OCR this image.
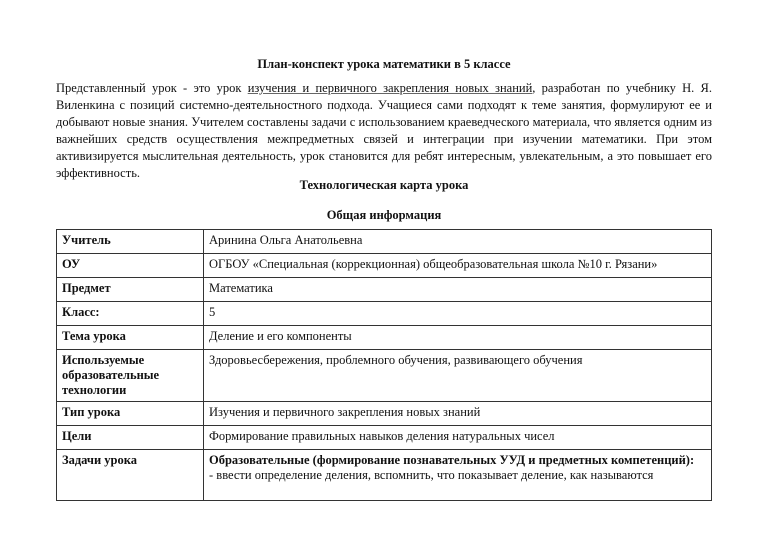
План-конспект урока математики в 5 классе
Представленный урок - это урок изучения и первичного закрепления новых знаний, разработан по учебнику Н. Я. Виленкина с позиций системно-деятельностного подхода. Учащиеся сами подходят к теме занятия, формулируют ее и добывают новые знания. Учителем составлены задачи с использованием краеведческого материала, что является одним из важнейших средств осуществления межпредметных связей и интеграции при изучении математики. При этом активизируется мыслительная деятельность, урок становится для ребят интересным, увлекательным, а это повышает его эффективность.
Технологическая карта урока
Общая информация
Учитель	Аринина Ольга Анатольевна
ОУ	ОГБОУ «Специальная (коррекционная) общеобразовательная школа №10 г. Рязани»
Предмет	Математика
Класс:	5
Тема урока	Деление и его компоненты
Используемые образовательные технологии	Здоровьесбережения, проблемного обучения, развивающего обучения
Тип урока	Изучения и первичного закрепления новых знаний
Цели	Формирование правильных навыков деления натуральных чисел
Задачи урока	Образовательные (формирование познавательных УУД и предметных компетенций):
- ввести определение деления, вспомнить, что показывает деление, как называются
